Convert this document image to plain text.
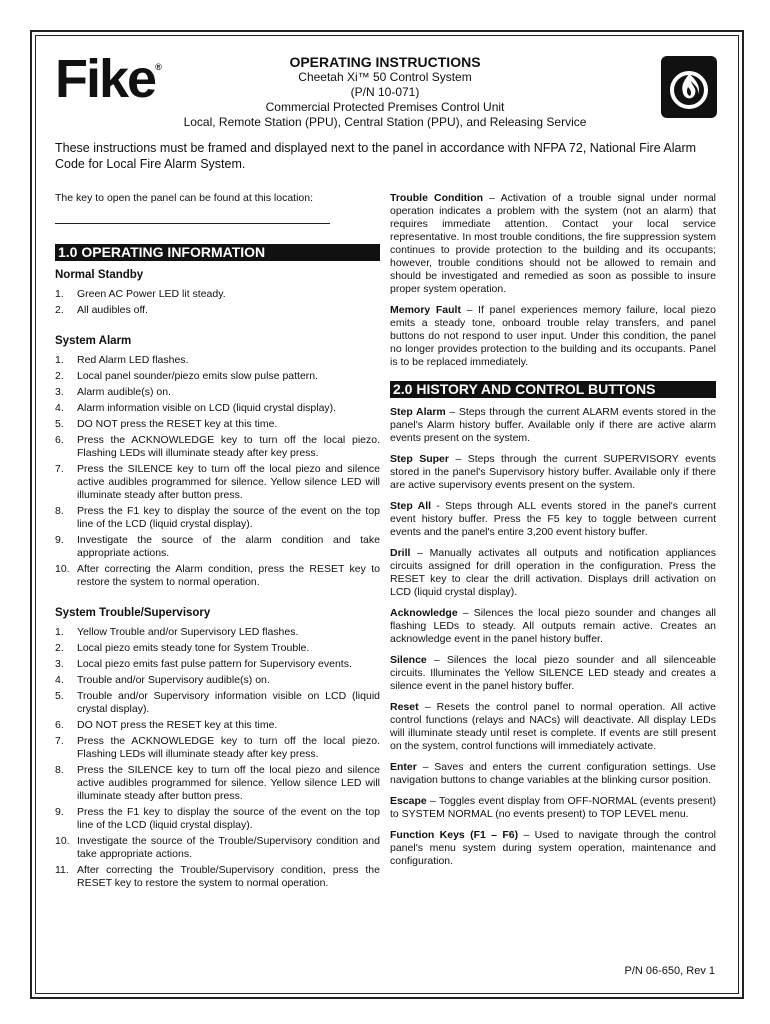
Fike®	OPERATING INSTRUCTIONS
Cheetah Xi™ 50 Control System
(P/N 10-071)
Commercial Protected Premises Control Unit
Local, Remote Station (PPU), Central Station (PPU), and Releasing Service
These instructions must be framed and displayed next to the panel in accordance with NFPA 72, National Fire Alarm Code for Local Fire Alarm System.
The key to open the panel can be found at this location:
1.0 OPERATING INFORMATION
Normal Standby
1.	Green AC Power LED lit steady.
2.	All audibles off.
System Alarm
1.	Red Alarm LED flashes.
2.	Local panel sounder/piezo emits slow pulse pattern.
3.	Alarm audible(s) on.
4.	Alarm information visible on LCD (liquid crystal display).
5.	DO NOT press the RESET key at this time.
6.	Press the ACKNOWLEDGE key to turn off the local piezo. Flashing LEDs will illuminate steady after key press.
7.	Press the SILENCE key to turn off the local piezo and silence active audibles programmed for silence. Yellow silence LED will illuminate steady after button press.
8.	Press the F1 key to display the source of the event on the top line of the LCD (liquid crystal display).
9.	Investigate the source of the alarm condition and take appropriate actions.
10. After correcting the Alarm condition, press the RESET key to restore the system to normal operation.
System Trouble/Supervisory
1.	Yellow Trouble and/or Supervisory LED flashes.
2.	Local piezo emits steady tone for System Trouble.
3.	Local piezo emits fast pulse pattern for Supervisory events.
4.	Trouble and/or Supervisory audible(s) on.
5.	Trouble and/or Supervisory information visible on LCD (liquid crystal display).
6.	DO NOT press the RESET key at this time.
7.	Press the ACKNOWLEDGE key to turn off the local piezo. Flashing LEDs will illuminate steady after key press.
8.	Press the SILENCE key to turn off the local piezo and silence active audibles programmed for silence. Yellow silence LED will illuminate steady after button press.
9.	Press the F1 key to display the source of the event on the top line of the LCD (liquid crystal display).
10. Investigate the source of the Trouble/Supervisory condition and take appropriate actions.
11. After correcting the Trouble/Supervisory condition, press the RESET key to restore the system to normal operation.

Trouble Condition – Activation of a trouble signal under normal operation indicates a problem with the system (not an alarm) that requires immediate attention. Contact your local service representative. In most trouble conditions, the fire suppression system continues to provide protection to the building and its occupants; however, trouble conditions should not be allowed to remain and should be investigated and remedied as soon as possible to insure proper system operation.

Memory Fault – If panel experiences memory failure, local piezo emits a steady tone, onboard trouble relay transfers, and panel buttons do not respond to user input. Under this condition, the panel no longer provides protection to the building and its occupants. Panel is to be replaced immediately.

2.0 HISTORY AND CONTROL BUTTONS

Step Alarm – Steps through the current ALARM events stored in the panel's Alarm history buffer. Available only if there are active alarm events present on the system.

Step Super – Steps through the current SUPERVISORY events stored in the panel's Supervisory history buffer. Available only if there are active supervisory events present on the system.

Step All - Steps through ALL events stored in the panel's current event history buffer. Press the F5 key to toggle between current events and the panel's entire 3,200 event history buffer.

Drill – Manually activates all outputs and notification appliances circuits assigned for drill operation in the configuration. Press the RESET key to clear the drill activation. Displays drill activation on LCD (liquid crystal display).

Acknowledge – Silences the local piezo sounder and changes all flashing LEDs to steady. All outputs remain active. Creates an acknowledge event in the panel history buffer.

Silence – Silences the local piezo sounder and all silenceable circuits. Illuminates the Yellow SILENCE LED steady and creates a silence event in the panel history buffer.

Reset – Resets the control panel to normal operation. All active control functions (relays and NACs) will deactivate. All display LEDs will illuminate steady until reset is complete. If events are still present on the system, control functions will immediately activate.

Enter – Saves and enters the current configuration settings. Use navigation buttons to change variables at the blinking cursor position.

Escape – Toggles event display from OFF-NORMAL (events present) to SYSTEM NORMAL (no events present) to TOP LEVEL menu.

Function Keys (F1 – F6) – Used to navigate through the control panel's menu system during system operation, maintenance and configuration.

P/N 06-650, Rev 1
